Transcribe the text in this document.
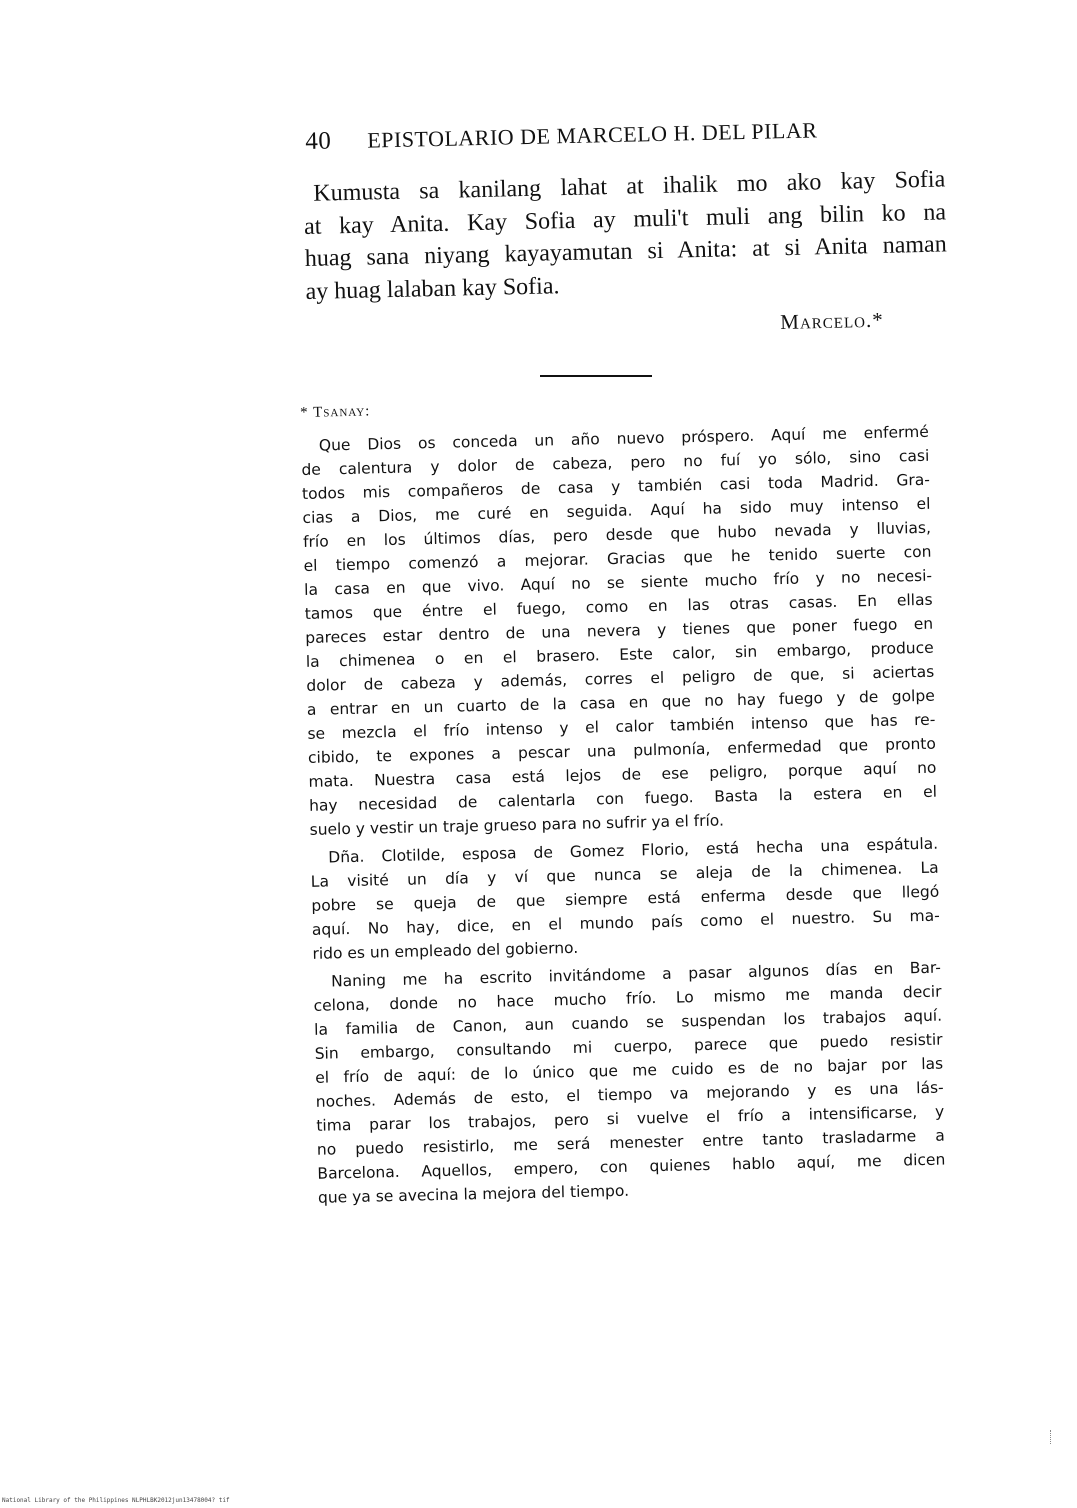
40 EPISTOLARIO DE MARCELO H. DEL PILAR
Kumusta sa kanilang lahat at ihalik mo ako kay Sofia
at kay Anita. Kay Sofia ay muli't muli ang bilin ko na
huag sana niyang kayayamutan si Anita: at si Anita naman
ay huag lalaban kay Sofia.
Marcelo.*
* Tsanay:
Que Dios os conceda un año nuevo próspero. Aquí me enfermé
de calentura y dolor de cabeza, pero no fuí yo sólo, sino casi
todos mis compañeros de casa y también casi toda Madrid. Gra-
cias a Dios, me curé en seguida. Aquí ha sido muy intenso el
frío en los últimos días, pero desde que hubo nevada y lluvias,
el tiempo comenzó a mejorar. Gracias que he tenido suerte con
la casa en que vivo. Aquí no se siente mucho frío y no necesi-
tamos que éntre el fuego, como en las otras casas. En ellas
pareces estar dentro de una nevera y tienes que poner fuego en
la chimenea o en el brasero. Este calor, sin embargo, produce
dolor de cabeza y además, corres el peligro de que, si aciertas
a entrar en un cuarto de la casa en que no hay fuego y de golpe
se mezcla el frío intenso y el calor también intenso que has re-
cibido, te expones a pescar una pulmonía, enfermedad que pronto
mata. Nuestra casa está lejos de ese peligro, porque aquí no
hay necesidad de calentarla con fuego. Basta la estera en el
suelo y vestir un traje grueso para no sufrir ya el frío.
Dña. Clotilde, esposa de Gomez Florio, está hecha una espátula.
La visité un día y ví que nunca se aleja de la chimenea. La
pobre se queja de que siempre está enferma desde que llegó
aquí. No hay, dice, en el mundo país como el nuestro. Su ma-
rido es un empleado del gobierno.
Naning me ha escrito invitándome a pasar algunos días en Bar-
celona, donde no hace mucho frío. Lo mismo me manda decir
la familia de Canon, aun cuando se suspendan los trabajos aquí.
Sin embargo, consultando mi cuerpo, parece que puedo resistir
el frío de aquí: de lo único que me cuido es de no bajar por las
noches. Además de esto, el tiempo va mejorando y es una lás-
tima parar los trabajos, pero si vuelve el frío a intensificarse, y
no puedo resistirlo, me será menester entre tanto trasladarme a
Barcelona. Aquellos, empero, con quienes hablo aquí, me dicen
que ya se avecina la mejora del tiempo.
National Library of the Philippines NLPHLBK2012jun13478004? tif
